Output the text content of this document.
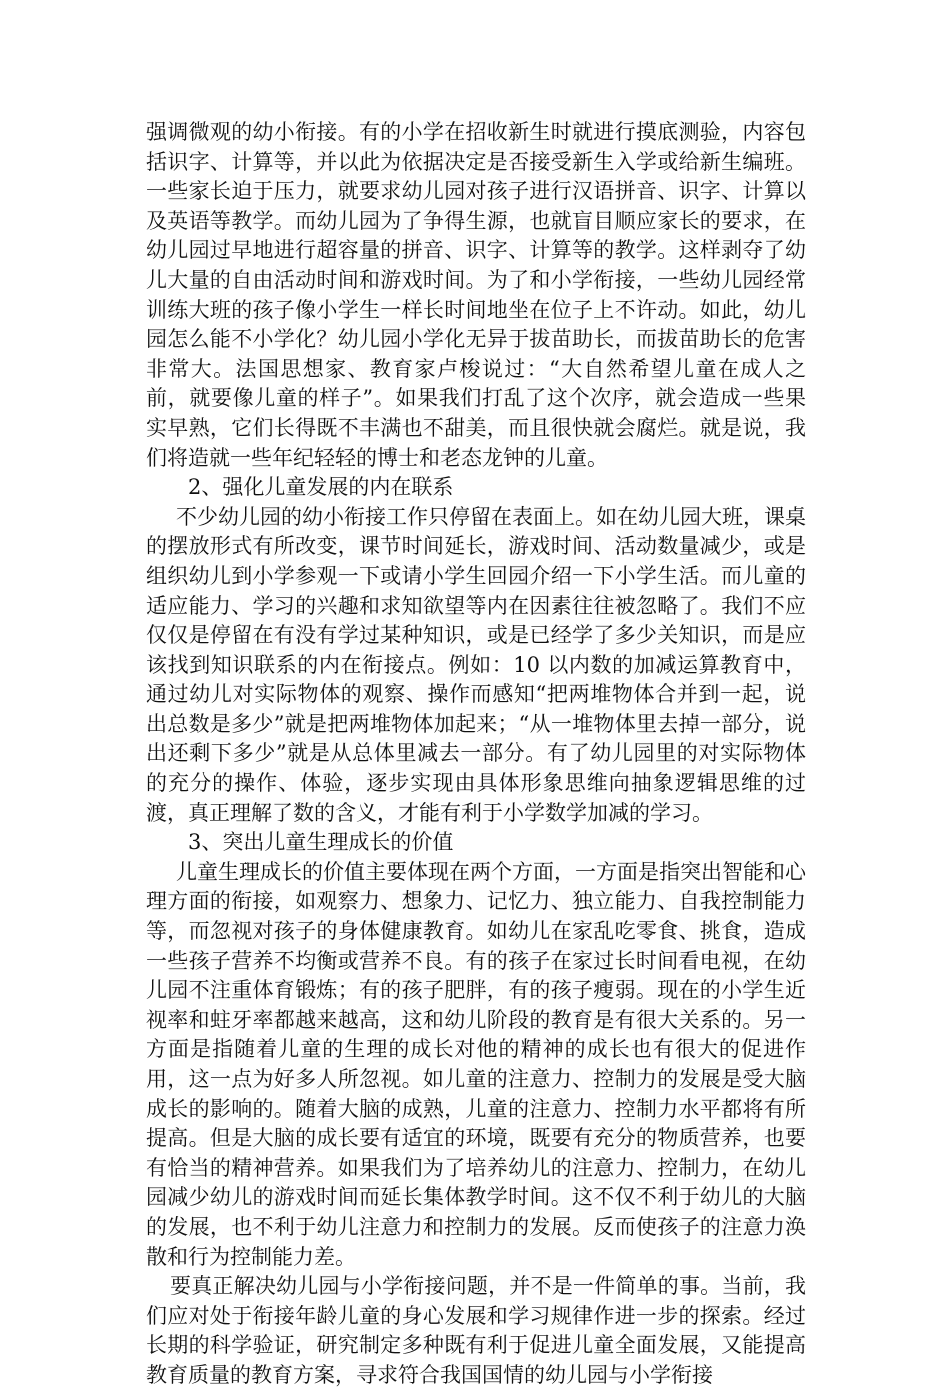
强调微观的幼小衔接。有的小学在招收新生时就进行摸底测验，内容包括识字、计算等，并以此为依据决定是否接受新生入学或给新生编班。一些家长迫于压力，就要求幼儿园对孩子进行汉语拼音、识字、计算以及英语等教学。而幼儿园为了争得生源，也就盲目顺应家长的要求，在幼儿园过早地进行超容量的拼音、识字、计算等的教学。这样剥夺了幼儿大量的自由活动时间和游戏时间。为了和小学衔接，一些幼儿园经常训练大班的孩子像小学生一样长时间地坐在位子上不许动。如此，幼儿园怎么能不小学化？幼儿园小学化无异于拔苗助长，而拔苗助长的危害非常大。法国思想家、教育家卢梭说过：“大自然希望儿童在成人之前，就要像儿童的样子”。如果我们打乱了这个次序，就会造成一些果实早熟，它们长得既不丰满也不甜美，而且很快就会腐烂。就是说，我们将造就一些年纪轻轻的博士和老态龙钟的儿童。

2、强化儿童发展的内在联系

不少幼儿园的幼小衔接工作只停留在表面上。如在幼儿园大班，课桌的摆放形式有所改变，课节时间延长，游戏时间、活动数量减少，或是组织幼儿到小学参观一下或请小学生回园介绍一下小学生活。而儿童的适应能力、学习的兴趣和求知欲望等内在因素往往被忽略了。我们不应仅仅是停留在有没有学过某种知识，或是已经学了多少关知识，而是应该找到知识联系的内在衔接点。例如：10 以内数的加减运算教育中，通过幼儿对实际物体的观察、操作而感知“把两堆物体合并到一起，说出总数是多少”就是把两堆物体加起来；“从一堆物体里去掉一部分，说出还剩下多少”就是从总体里减去一部分。有了幼儿园里的对实际物体的充分的操作、体验，逐步实现由具体形象思维向抽象逻辑思维的过渡，真正理解了数的含义，才能有利于小学数学加减的学习。

3、突出儿童生理成长的价值

儿童生理成长的价值主要体现在两个方面，一方面是指突出智能和心理方面的衔接，如观察力、想象力、记忆力、独立能力、自我控制能力等，而忽视对孩子的身体健康教育。如幼儿在家乱吃零食、挑食，造成一些孩子营养不均衡或营养不良。有的孩子在家过长时间看电视，在幼儿园不注重体育锻炼；有的孩子肥胖，有的孩子瘦弱。现在的小学生近视率和蛀牙率都越来越高，这和幼儿阶段的教育是有很大关系的。另一方面是指随着儿童的生理的成长对他的精神的成长也有很大的促进作用，这一点为好多人所忽视。如儿童的注意力、控制力的发展是受大脑成长的影响的。随着大脑的成熟，儿童的注意力、控制力水平都将有所提高。但是大脑的成长要有适宜的环境，既要有充分的物质营养，也要有恰当的精神营养。如果我们为了培养幼儿的注意力、控制力，在幼儿园减少幼儿的游戏时间而延长集体教学时间。这不仅不利于幼儿的大脑的发展，也不利于幼儿注意力和控制力的发展。反而使孩子的注意力涣散和行为控制能力差。

要真正解决幼儿园与小学衔接问题，并不是一件简单的事。当前，我们应对处于衔接年龄儿童的身心发展和学习规律作进一步的探索。经过长期的科学验证，研究制定多种既有利于促进儿童全面发展，又能提高教育质量的教育方案，寻求符合我国国情的幼儿园与小学衔接
